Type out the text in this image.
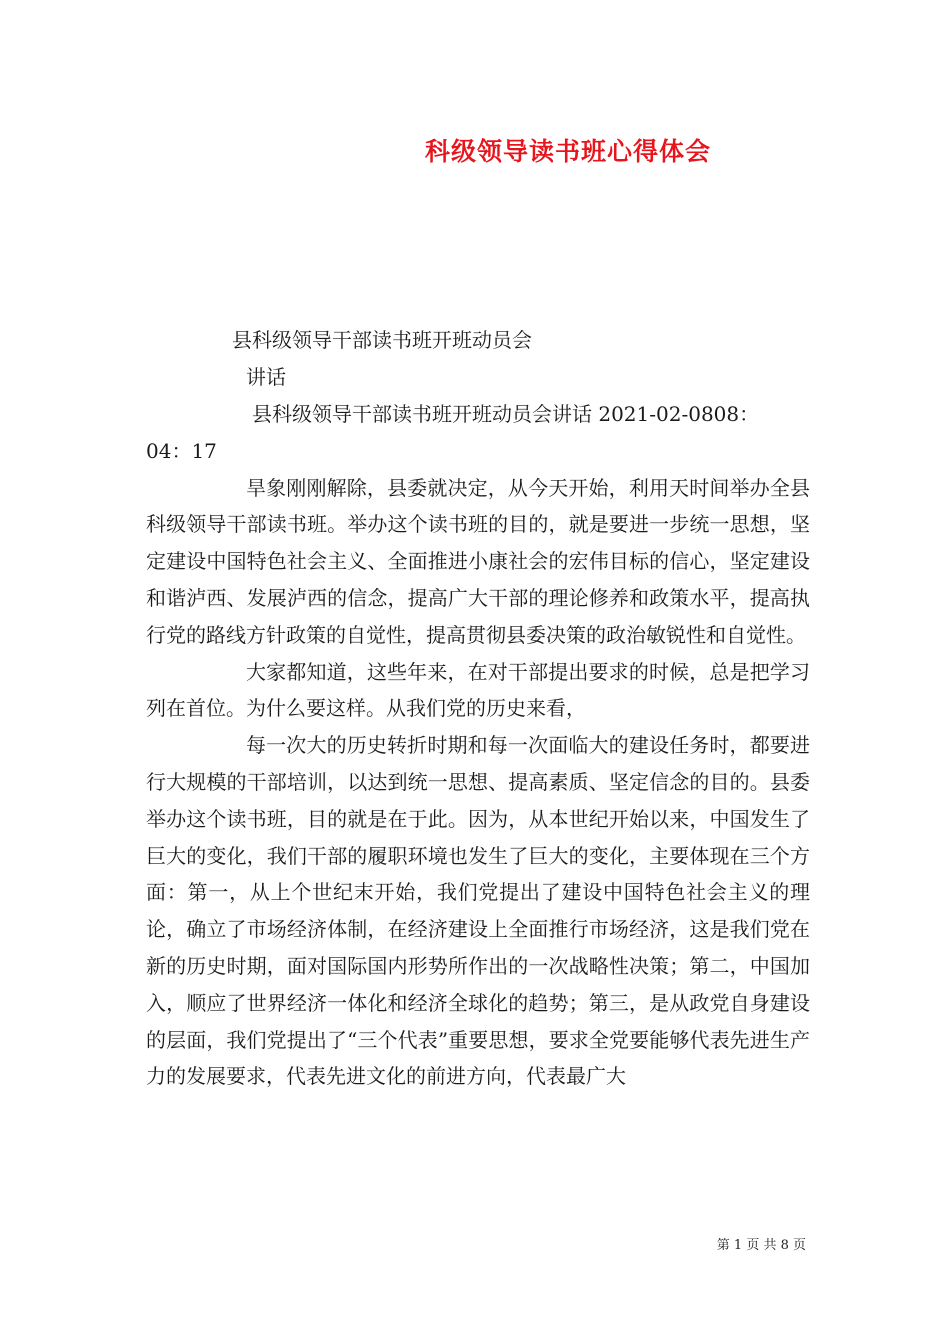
科级领导读书班心得体会
县科级领导干部读书班开班动员会
讲话

县科级领导干部读书班开班动员会讲话 2021-02-0808：
04：17

旱象刚刚解除，县委就决定，从今天开始，利用天时间举办全县科级领导干部读书班。举办这个读书班的目的，就是要进一步统一思想，坚定建设中国特色社会主义、全面推进小康社会的宏伟目标的信心，坚定建设和谐泸西、发展泸西的信念，提高广大干部的理论修养和政策水平，提高执行党的路线方针政策的自觉性，提高贯彻县委决策的政治敏锐性和自觉性。

大家都知道，这些年来，在对干部提出要求的时候，总是把学习列在首位。为什么要这样。从我们党的历史来看，

每一次大的历史转折时期和每一次面临大的建设任务时，都要进行大规模的干部培训，以达到统一思想、提高素质、坚定信念的目的。县委举办这个读书班，目的就是在于此。因为，从本世纪开始以来，中国发生了巨大的变化，我们干部的履职环境也发生了巨大的变化，主要体现在三个方面：第一，从上个世纪末开始，我们党提出了建设中国特色社会主义的理论，确立了市场经济体制，在经济建设上全面推行市场经济，这是我们党在新的历史时期，面对国际国内形势所作出的一次战略性决策；第二，中国加入，顺应了世界经济一体化和经济全球化的趋势；第三，是从政党自身建设的层面，我们党提出了“三个代表”重要思想，要求全党要能够代表先进生产力的发展要求，代表先进文化的前进方向，代表最广大

第 1 页 共 8 页
